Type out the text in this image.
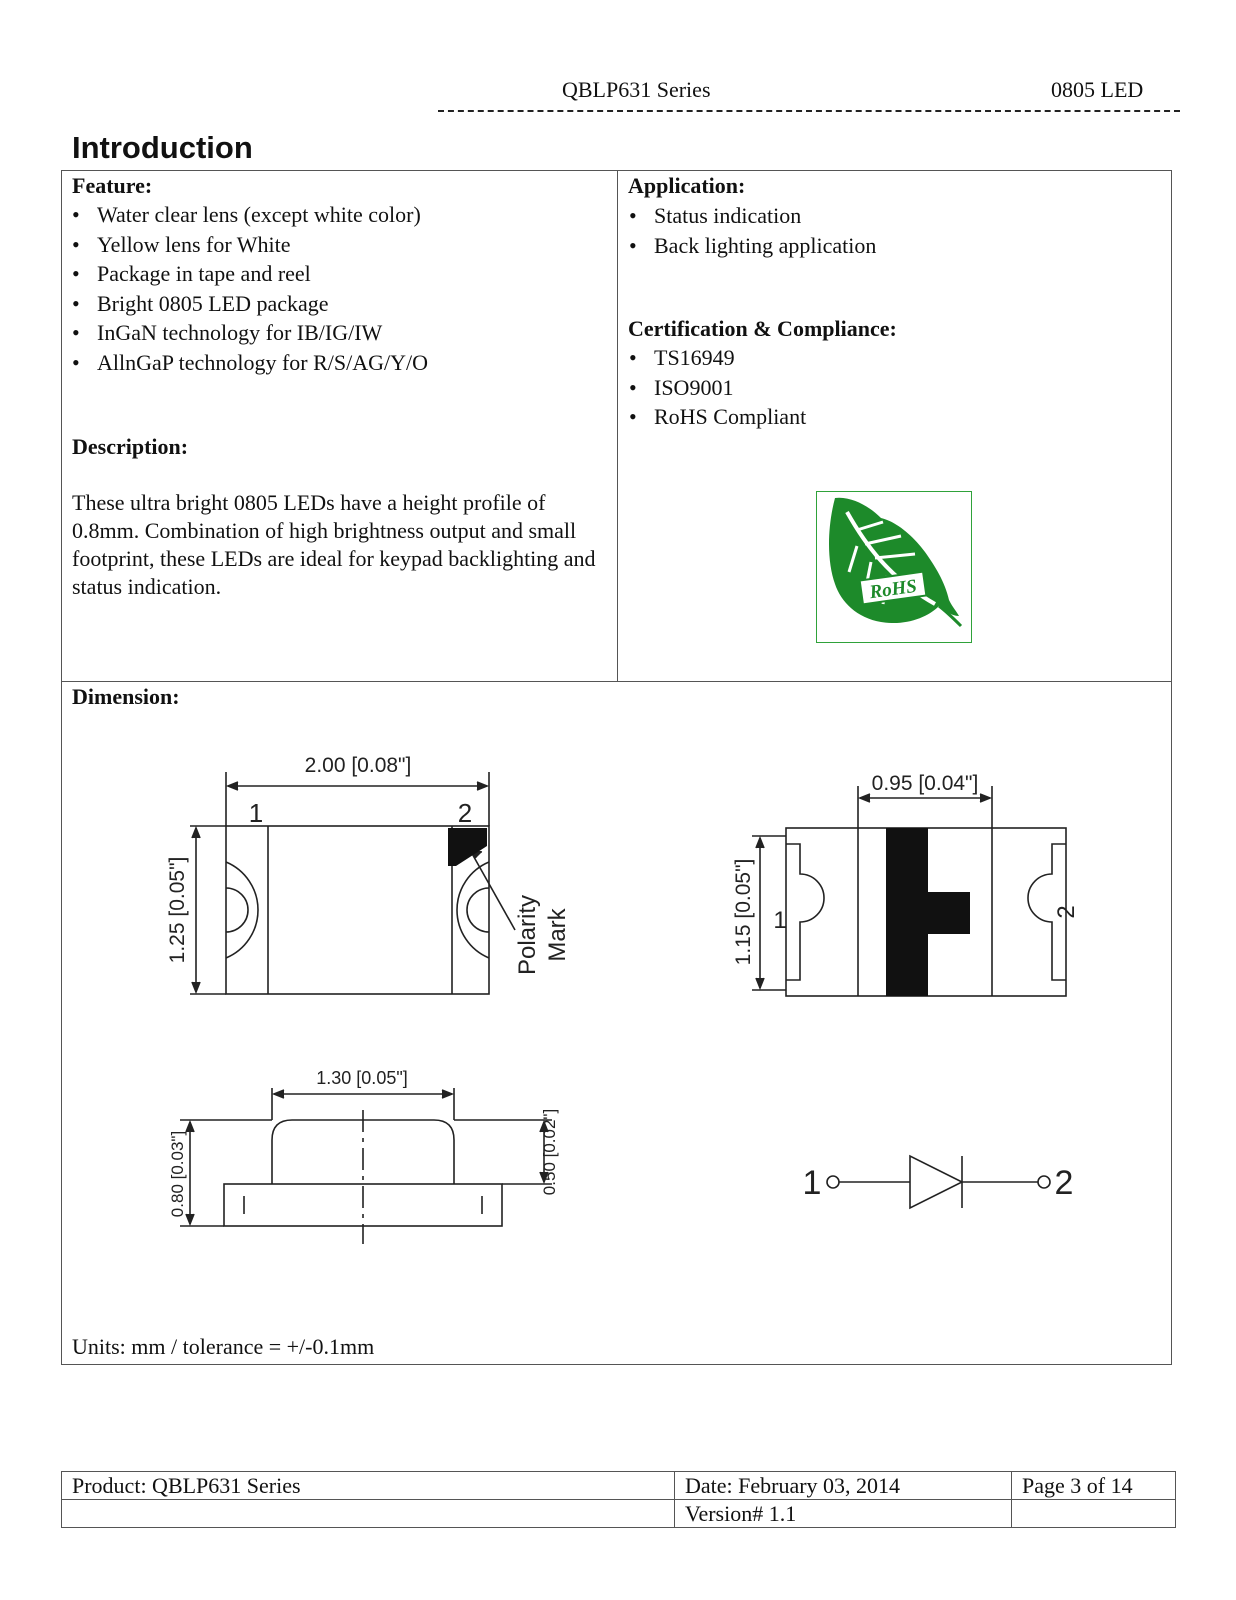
QBLP631 Series	0805 LED
Introduction
Feature:
• Water clear lens (except white color)
• Yellow lens for White
• Package in tape and reel
• Bright 0805 LED package
• InGaN technology for IB/IG/IW
• AllnGaP technology for R/S/AG/Y/O
Description:
These ultra bright 0805 LEDs have a height profile of 0.8mm. Combination of high brightness output and small footprint, these LEDs are ideal for keypad backlighting and status indication.
Application:
• Status indication
• Back lighting application
Certification & Compliance:
• TS16949
• ISO9001
• RoHS Compliant
RoHS
Dimension:
2.00 [0.08"]
1	2
1.25 [0.05"]	Polarity Mark
0.95 [0.04"]
1.15 [0.05"] 1	2
1.30 [0.05"]
0.80 [0.03"]	0.50 [0.02"]	1	2
Units: mm / tolerance = +/-0.1mm
Product: QBLP631 Series	Date: February 03, 2014	Page 3 of 14
	Version# 1.1	
